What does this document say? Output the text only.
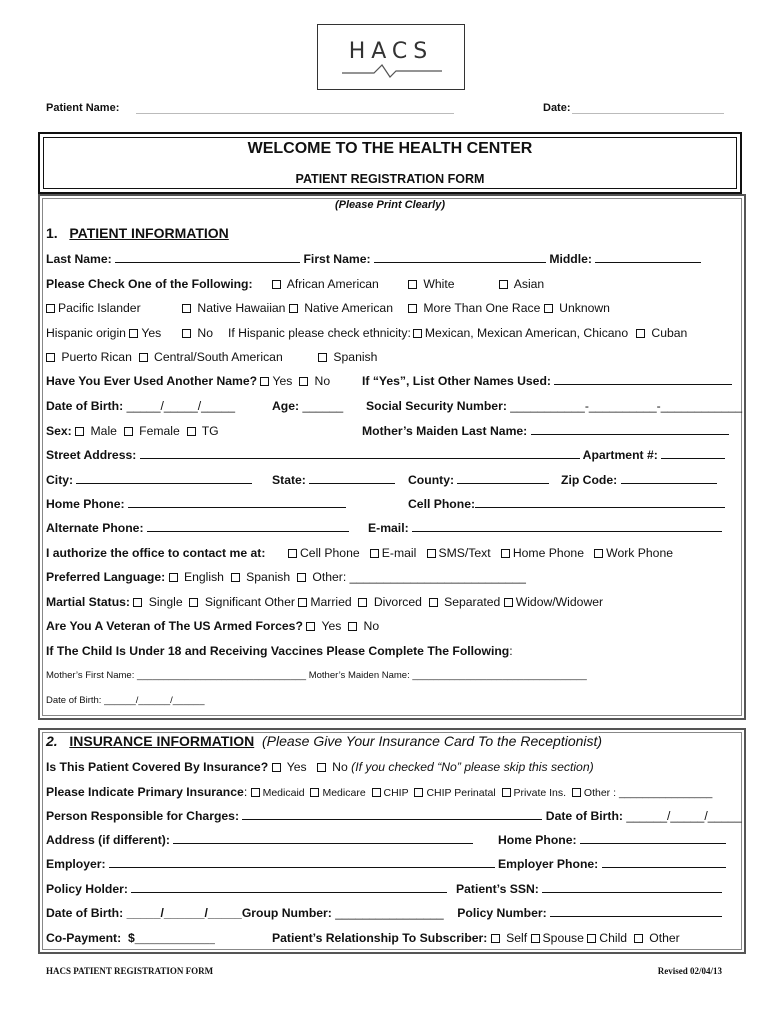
HACS
Patient Name:	Date:
WELCOME TO THE HEALTH CENTER
PATIENT REGISTRATION FORM
(Please Print Clearly)
1. PATIENT INFORMATION
Last Name:	First Name:	Middle:
Please Check One of the Following:	African American	White	Asian
Pacific Islander	Native Hawaiian Native American	More Than One Race Unknown
Hispanic origin Yes	No If Hispanic please check ethnicity: Mexican, Mexican American, Chicano	Cuban
Puerto Rican Central/South American	Spanish
Have You Ever Used Another Name? Yes No	If “Yes”, List Other Names Used:
Date of Birth: _____/_____/_____	Age: ______ Social Security Number: ___________-__________-____________
Sex: Male Female TG	Mother’s Maiden Last Name:
Street Address:	Apartment #:
City:	State:	County:	Zip Code:
Home Phone:	Cell Phone:
Alternate Phone:	E-mail:
I authorize the office to contact me at:	Cell Phone E-mail SMS/Text Home Phone Work Phone
Preferred Language: English Spanish Other: __________________________
Martial Status: Single Significant Other Married Divorced Separated Widow/Widower
Are You A Veteran of The US Armed Forces? Yes No
If The Child Is Under 18 and Receiving Vaccines Please Complete The Following:
Mother’s First Name: ________________________________ Mother’s Maiden Name: _________________________________
Date of Birth: ______/______/______
2. INSURANCE INFORMATION (Please Give Your Insurance Card To the Receptionist)
Is This Patient Covered By Insurance? Yes No (If you checked “No” please skip this section)
Please Indicate Primary Insurance: Medicaid Medicare CHIP CHIP Perinatal Private Ins. Other : ________________
Person Responsible for Charges:	Date of Birth: ______/_____/_____
Address (if different):	Home Phone:
Employer:	Employer Phone:
Policy Holder:	Patient’s SSN:
Date of Birth: _____/______/_____Group Number: ________________ Policy Number:
Co-Payment: $________________	Patient’s Relationship To Subscriber: Self Spouse Child Other
HACS PATIENT REGISTRATION FORM	Revised 02/04/13
